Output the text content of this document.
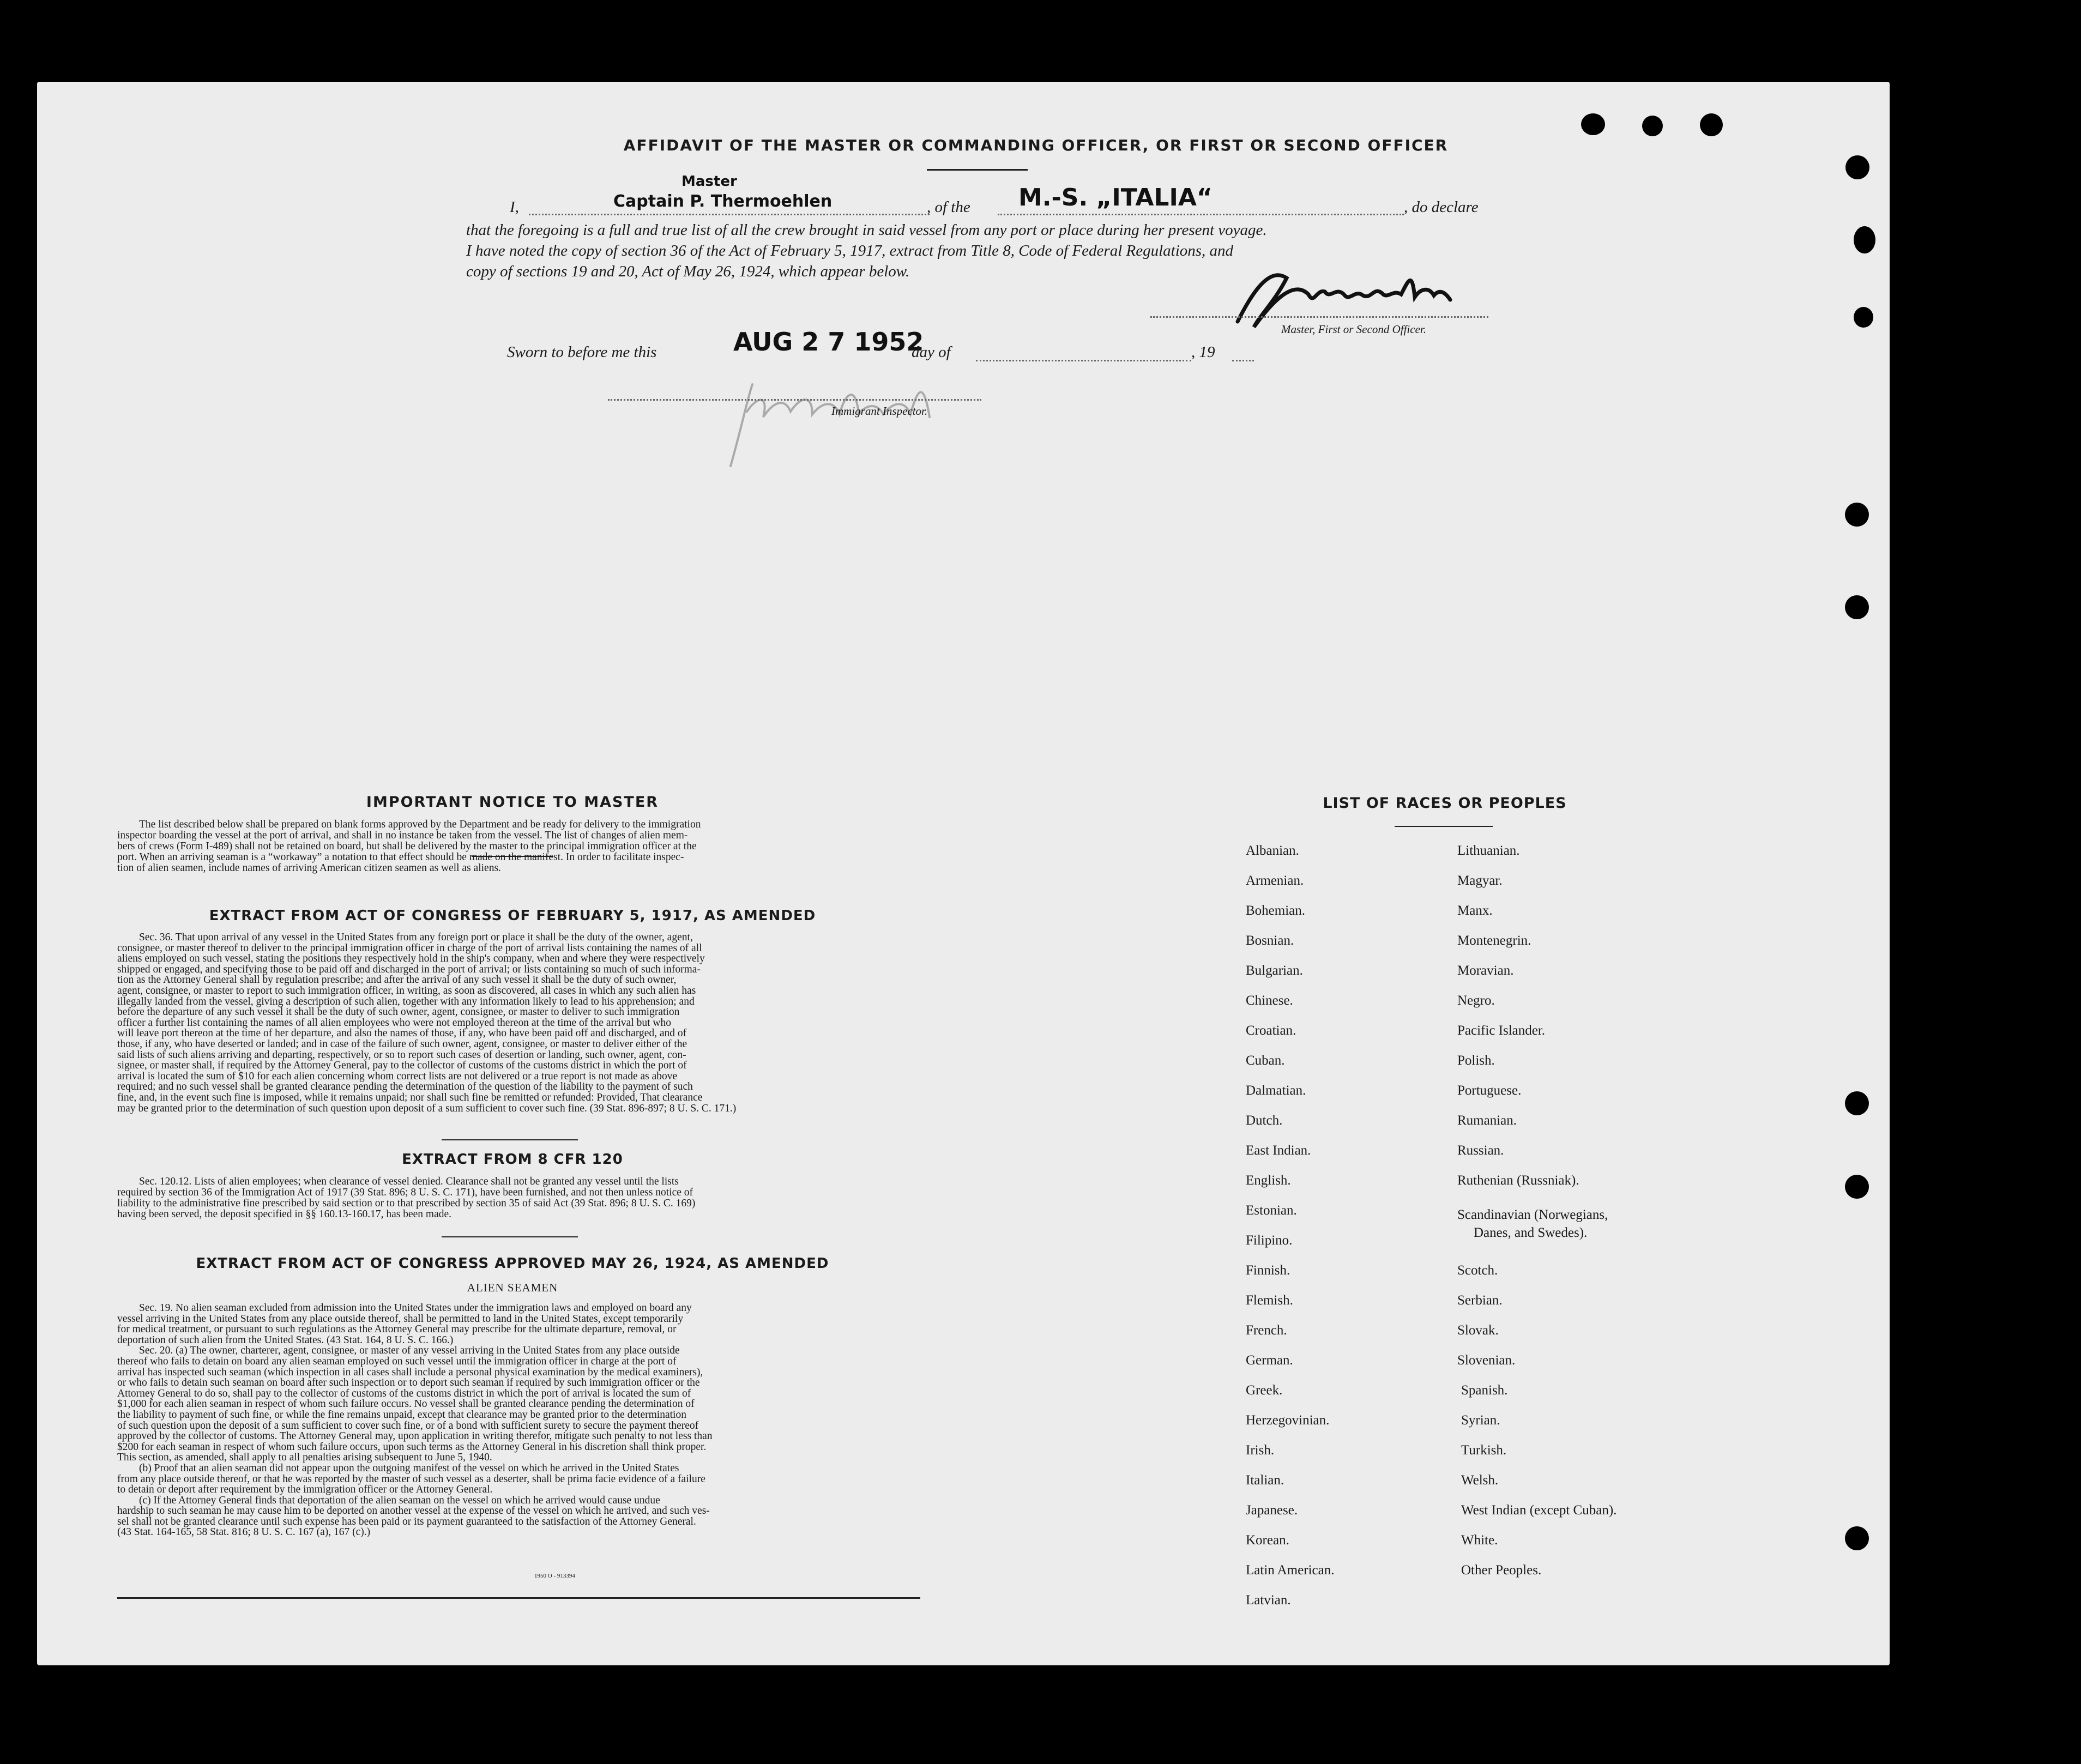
AFFIDAVIT OF THE MASTER OR COMMANDING OFFICER, OR FIRST OR SECOND OFFICER
I,
Master
Captain P. Thermoehlen	, of the M.-S. „ITALIA“	, do declare
that the foregoing is a full and true list of all the crew brought in said vessel from any port or place during her present voyage.
I have noted the copy of section 36 of the Act of February 5, 1917, extract from Title 8, Code of Federal Regulations, and
copy of sections 19 and 20, Act of May 26, 1924, which appear below.
Master, First or Second Officer.
Sworn to before me this	AUG 2 7 1952
day of	, 19
Immigrant Inspector.
IMPORTANT NOTICE TO MASTER
The list described below shall be prepared on blank forms approved by the Department and be ready for delivery to the immigration
inspector boarding the vessel at the port of arrival, and shall in no instance be taken from the vessel. The list of changes of alien mem-
bers of crews (Form I-489) shall not be retained on board, but shall be delivered by the master to the principal immigration officer at the
port. When an arriving seaman is a “workaway” a notation to that effect should be made on the manifest. In order to facilitate inspec-
tion of alien seamen, include names of arriving American citizen seamen as well as aliens.
EXTRACT FROM ACT OF CONGRESS OF FEBRUARY 5, 1917, AS AMENDED
Sec. 36. That upon arrival of any vessel in the United States from any foreign port or place it shall be the duty of the owner, agent,
consignee, or master thereof to deliver to the principal immigration officer in charge of the port of arrival lists containing the names of all
aliens employed on such vessel, stating the positions they respectively hold in the ship's company, when and where they were respectively
shipped or engaged, and specifying those to be paid off and discharged in the port of arrival; or lists containing so much of such informa-
tion as the Attorney General shall by regulation prescribe; and after the arrival of any such vessel it shall be the duty of such owner,
agent, consignee, or master to report to such immigration officer, in writing, as soon as discovered, all cases in which any such alien has
illegally landed from the vessel, giving a description of such alien, together with any information likely to lead to his apprehension; and
before the departure of any such vessel it shall be the duty of such owner, agent, consignee, or master to deliver to such immigration
officer a further list containing the names of all alien employees who were not employed thereon at the time of the arrival but who
will leave port thereon at the time of her departure, and also the names of those, if any, who have been paid off and discharged, and of
those, if any, who have deserted or landed; and in case of the failure of such owner, agent, consignee, or master to deliver either of the
said lists of such aliens arriving and departing, respectively, or so to report such cases of desertion or landing, such owner, agent, con-
signee, or master shall, if required by the Attorney General, pay to the collector of customs of the customs district in which the port of
arrival is located the sum of $10 for each alien concerning whom correct lists are not delivered or a true report is not made as above
required; and no such vessel shall be granted clearance pending the determination of the question of the liability to the payment of such
fine, and, in the event such fine is imposed, while it remains unpaid; nor shall such fine be remitted or refunded: Provided, That clearance
may be granted prior to the determination of such question upon deposit of a sum sufficient to cover such fine. (39 Stat. 896-897; 8 U. S. C. 171.)
EXTRACT FROM 8 CFR 120
Sec. 120.12. Lists of alien employees; when clearance of vessel denied. Clearance shall not be granted any vessel until the lists
required by section 36 of the Immigration Act of 1917 (39 Stat. 896; 8 U. S. C. 171), have been furnished, and not then unless notice of
liability to the administrative fine prescribed by said section or to that prescribed by section 35 of said Act (39 Stat. 896; 8 U. S. C. 169)
having been served, the deposit specified in §§ 160.13-160.17, has been made.
EXTRACT FROM ACT OF CONGRESS APPROVED MAY 26, 1924, AS AMENDED
ALIEN SEAMEN
Sec. 19. No alien seaman excluded from admission into the United States under the immigration laws and employed on board any
vessel arriving in the United States from any place outside thereof, shall be permitted to land in the United States, except temporarily
for medical treatment, or pursuant to such regulations as the Attorney General may prescribe for the ultimate departure, removal, or
deportation of such alien from the United States. (43 Stat. 164, 8 U. S. C. 166.)
Sec. 20. (a) The owner, charterer, agent, consignee, or master of any vessel arriving in the United States from any place outside
thereof who fails to detain on board any alien seaman employed on such vessel until the immigration officer in charge at the port of
arrival has inspected such seaman (which inspection in all cases shall include a personal physical examination by the medical examiners),
or who fails to detain such seaman on board after such inspection or to deport such seaman if required by such immigration officer or the
Attorney General to do so, shall pay to the collector of customs of the customs district in which the port of arrival is located the sum of
$1,000 for each alien seaman in respect of whom such failure occurs. No vessel shall be granted clearance pending the determination of
the liability to payment of such fine, or while the fine remains unpaid, except that clearance may be granted prior to the determination
of such question upon the deposit of a sum sufficient to cover such fine, or of a bond with sufficient surety to secure the payment thereof
approved by the collector of customs. The Attorney General may, upon application in writing therefor, mitigate such penalty to not less than
$200 for each seaman in respect of whom such failure occurs, upon such terms as the Attorney General in his discretion shall think proper.
This section, as amended, shall apply to all penalties arising subsequent to June 5, 1940.
(b) Proof that an alien seaman did not appear upon the outgoing manifest of the vessel on which he arrived in the United States
from any place outside thereof, or that he was reported by the master of such vessel as a deserter, shall be prima facie evidence of a failure
to detain or deport after requirement by the immigration officer or the Attorney General.
(c) If the Attorney General finds that deportation of the alien seaman on the vessel on which he arrived would cause undue
hardship to such seaman he may cause him to be deported on another vessel at the expense of the vessel on which he arrived, and such ves-
sel shall not be granted clearance until such expense has been paid or its payment guaranteed to the satisfaction of the Attorney General.
(43 Stat. 164-165, 58 Stat. 816; 8 U. S. C. 167 (a), 167 (c).)
1950 O - 913394
LIST OF RACES OR PEOPLES
Albanian.
Armenian.
Bohemian.
Bosnian.
Bulgarian.
Chinese.
Croatian.
Cuban.
Dalmatian.
Dutch.
East Indian.
English.
Estonian.
Filipino.
Finnish.
Flemish.
French.
German.
Greek.
Herzegovinian.
Irish.
Italian.
Japanese.
Korean.
Latin American.
Latvian.
Lithuanian.
Magyar.
Manx.
Montenegrin.
Moravian.
Negro.
Pacific Islander.
Polish.
Portuguese.
Rumanian.
Russian.
Ruthenian (Russniak).
Scandinavian (Norwegians,
Danes, and Swedes).
Scotch.
Serbian.
Slovak.
Slovenian.
Spanish.
Syrian.
Turkish.
Welsh.
West Indian (except Cuban).
White.
Other Peoples.
